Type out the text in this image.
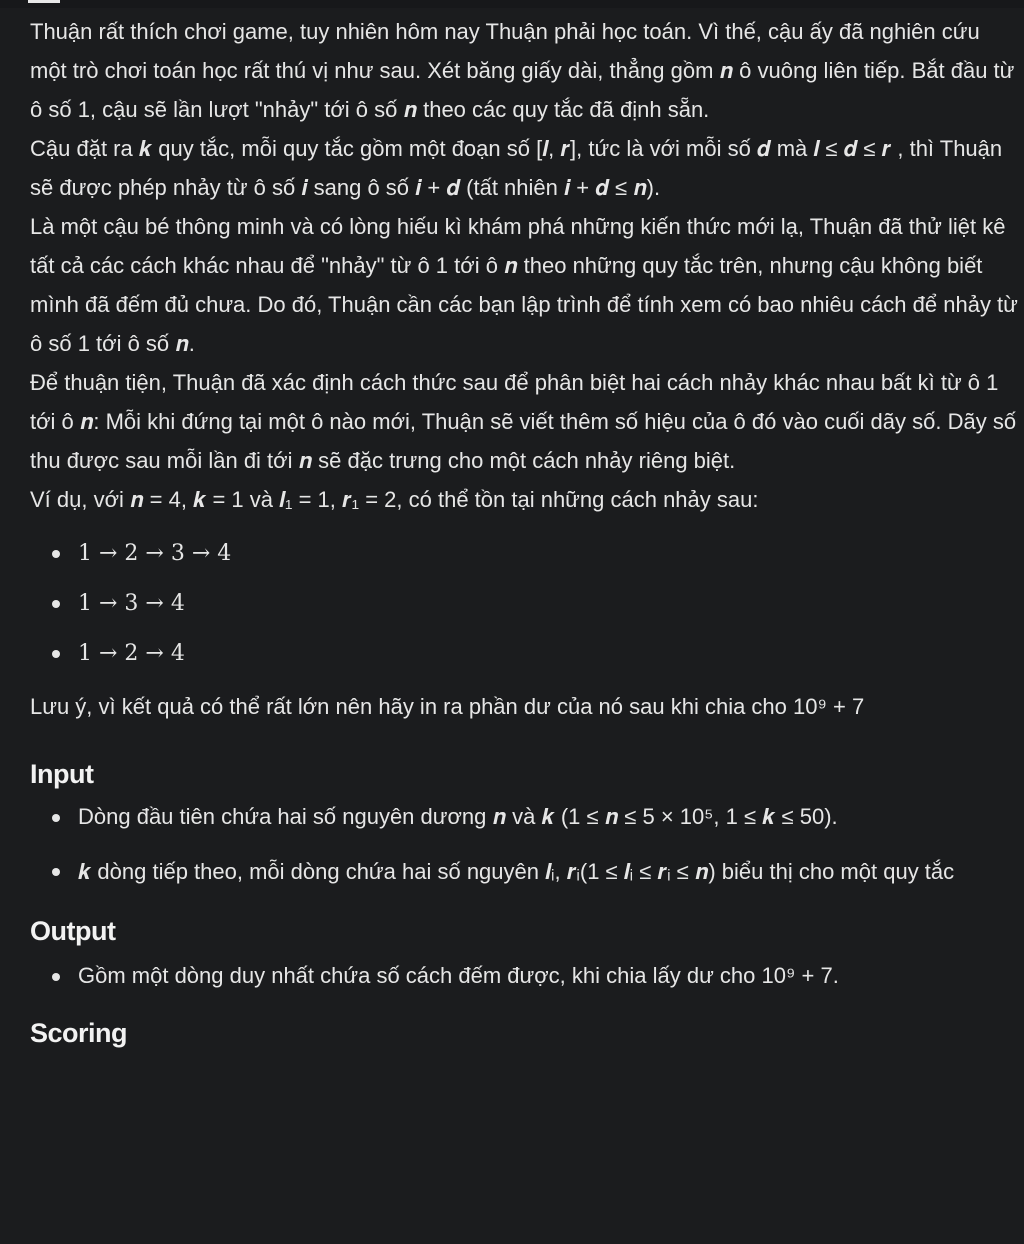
Thuận rất thích chơi game, tuy nhiên hôm nay Thuận phải học toán. Vì thế, cậu ấy đã nghiên cứu một trò chơi toán học rất thú vị như sau. Xét băng giấy dài, thẳng gồm 𝒏 ô vuông liên tiếp. Bắt đầu từ ô số 1, cậu sẽ lần lượt "nhảy" tới ô số 𝒏 theo các quy tắc đã định sẵn.

Cậu đặt ra 𝒌 quy tắc, mỗi quy tắc gồm một đoạn số [𝒍, 𝒓], tức là với mỗi số 𝒅 mà 𝒍 ≤ 𝒅 ≤ 𝒓 , thì Thuận sẽ được phép nhảy từ ô số 𝒊 sang ô số 𝒊 + 𝒅 (tất nhiên 𝒊 + 𝒅 ≤ 𝒏).

Là một cậu bé thông minh và có lòng hiếu kì khám phá những kiến thức mới lạ, Thuận đã thử liệt kê tất cả các cách khác nhau để "nhảy" từ ô 1 tới ô 𝒏 theo những quy tắc trên, nhưng cậu không biết mình đã đếm đủ chưa. Do đó, Thuận cần các bạn lập trình để tính xem có bao nhiêu cách để nhảy từ ô số 1 tới ô số 𝒏.

Để thuận tiện, Thuận đã xác định cách thức sau để phân biệt hai cách nhảy khác nhau bất kì từ ô 1 tới ô 𝒏: Mỗi khi đứng tại một ô nào mới, Thuận sẽ viết thêm số hiệu của ô đó vào cuối dãy số. Dãy số thu được sau mỗi lần đi tới 𝒏 sẽ đặc trưng cho một cách nhảy riêng biệt.

Ví dụ, với 𝒏 = 4, 𝒌 = 1 và 𝒍₁ = 1, 𝒓₁ = 2, có thể tồn tại những cách nhảy sau:

1 → 2 → 3 → 4
1 → 3 → 4
1 → 2 → 4

Lưu ý, vì kết quả có thể rất lớn nên hãy in ra phần dư của nó sau khi chia cho 10⁹ + 7

Input
Dòng đầu tiên chứa hai số nguyên dương 𝒏 và 𝒌 (1 ≤ 𝒏 ≤ 5 × 10⁵, 1 ≤ 𝒌 ≤ 50).
𝒌 dòng tiếp theo, mỗi dòng chứa hai số nguyên 𝒍ᵢ, 𝒓ᵢ(1 ≤ 𝒍ᵢ ≤ 𝒓ᵢ ≤ 𝒏) biểu thị cho một quy tắc
Output
Gồm một dòng duy nhất chứa số cách đếm được, khi chia lấy dư cho 10⁹ + 7.
Scoring
